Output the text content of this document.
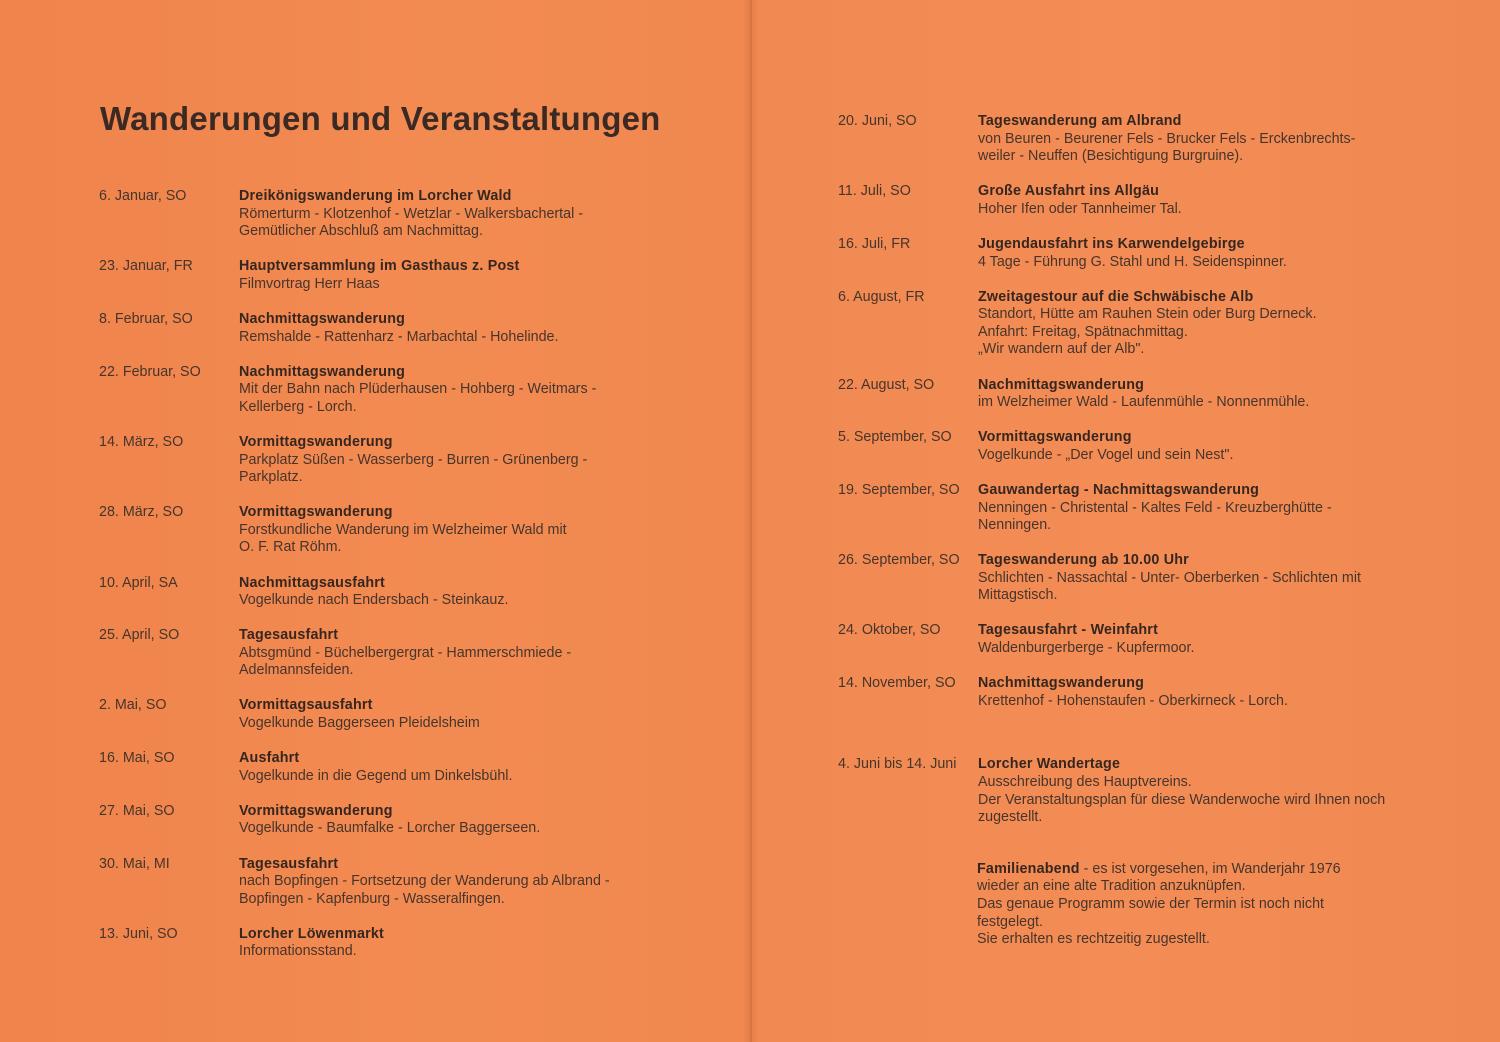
Wanderungen und Veranstaltungen
6. Januar, SO	Dreikönigswanderung im Lorcher Wald
Römerturm - Klotzenhof - Wetzlar - Walkersbachertal -
Gemütlicher Abschluß am Nachmittag.
23. Januar, FR	Hauptversammlung im Gasthaus z. Post
Filmvortrag Herr Haas
8. Februar, SO	Nachmittagswanderung
Remshalde - Rattenharz - Marbachtal - Hohelinde.
22. Februar, SO	Nachmittagswanderung
Mit der Bahn nach Plüderhausen - Hohberg - Weitmars -
Kellerberg - Lorch.
14. März, SO	Vormittagswanderung
Parkplatz Süßen - Wasserberg - Burren - Grünenberg -
Parkplatz.
28. März, SO	Vormittagswanderung
Forstkundliche Wanderung im Welzheimer Wald mit
O. F. Rat Röhm.
10. April, SA	Nachmittagsausfahrt
Vogelkunde nach Endersbach - Steinkauz.
25. April, SO	Tagesausfahrt
Abtsgmünd - Büchelbergergrat - Hammerschmiede -
Adelmannsfeiden.
2. Mai, SO	Vormittagsausfahrt
Vogelkunde Baggerseen Pleidelsheim
16. Mai, SO	Ausfahrt
Vogelkunde in die Gegend um Dinkelsbühl.
27. Mai, SO	Vormittagswanderung
Vogelkunde - Baumfalke - Lorcher Baggerseen.
30. Mai, MI	Tagesausfahrt
nach Bopfingen - Fortsetzung der Wanderung ab Albrand -
Bopfingen - Kapfenburg - Wasseralfingen.
13. Juni, SO	Lorcher Löwenmarkt
Informationsstand.
20. Juni, SO	Tageswanderung am Albrand
von Beuren - Beurener Fels - Brucker Fels - Erckenbrechts-
weiler - Neuffen (Besichtigung Burgruine).
11. Juli, SO	Große Ausfahrt ins Allgäu
Hoher Ifen oder Tannheimer Tal.
16. Juli, FR	Jugendausfahrt ins Karwendelgebirge
4 Tage - Führung G. Stahl und H. Seidenspinner.
6. August, FR	Zweitagestour auf die Schwäbische Alb
Standort, Hütte am Rauhen Stein oder Burg Derneck.
Anfahrt: Freitag, Spätnachmittag.
„Wir wandern auf der Alb".
22. August, SO	Nachmittagswanderung
im Welzheimer Wald - Laufenmühle - Nonnenmühle.
5. September, SO	Vormittagswanderung
Vogelkunde - „Der Vogel und sein Nest".
19. September, SO	Gauwandertag - Nachmittagswanderung
Nenningen - Christental - Kaltes Feld - Kreuzberghütte -
Nenningen.
26. September, SO	Tageswanderung ab 10.00 Uhr
Schlichten - Nassachtal - Unter- Oberberken - Schlichten mit
Mittagstisch.
24. Oktober, SO	Tagesausfahrt - Weinfahrt
Waldenburgerberge - Kupfermoor.
14. November, SO	Nachmittagswanderung
Krettenhof - Hohenstaufen - Oberkirneck - Lorch.
4. Juni bis 14. Juni	Lorcher Wandertage
Ausschreibung des Hauptvereins.
Der Veranstaltungsplan für diese Wanderwoche wird Ihnen noch
zugestellt.
Familienabend - es ist vorgesehen, im Wanderjahr 1976
wieder an eine alte Tradition anzuknüpfen.
Das genaue Programm sowie der Termin ist noch nicht
festgelegt.
Sie erhalten es rechtzeitig zugestellt.
